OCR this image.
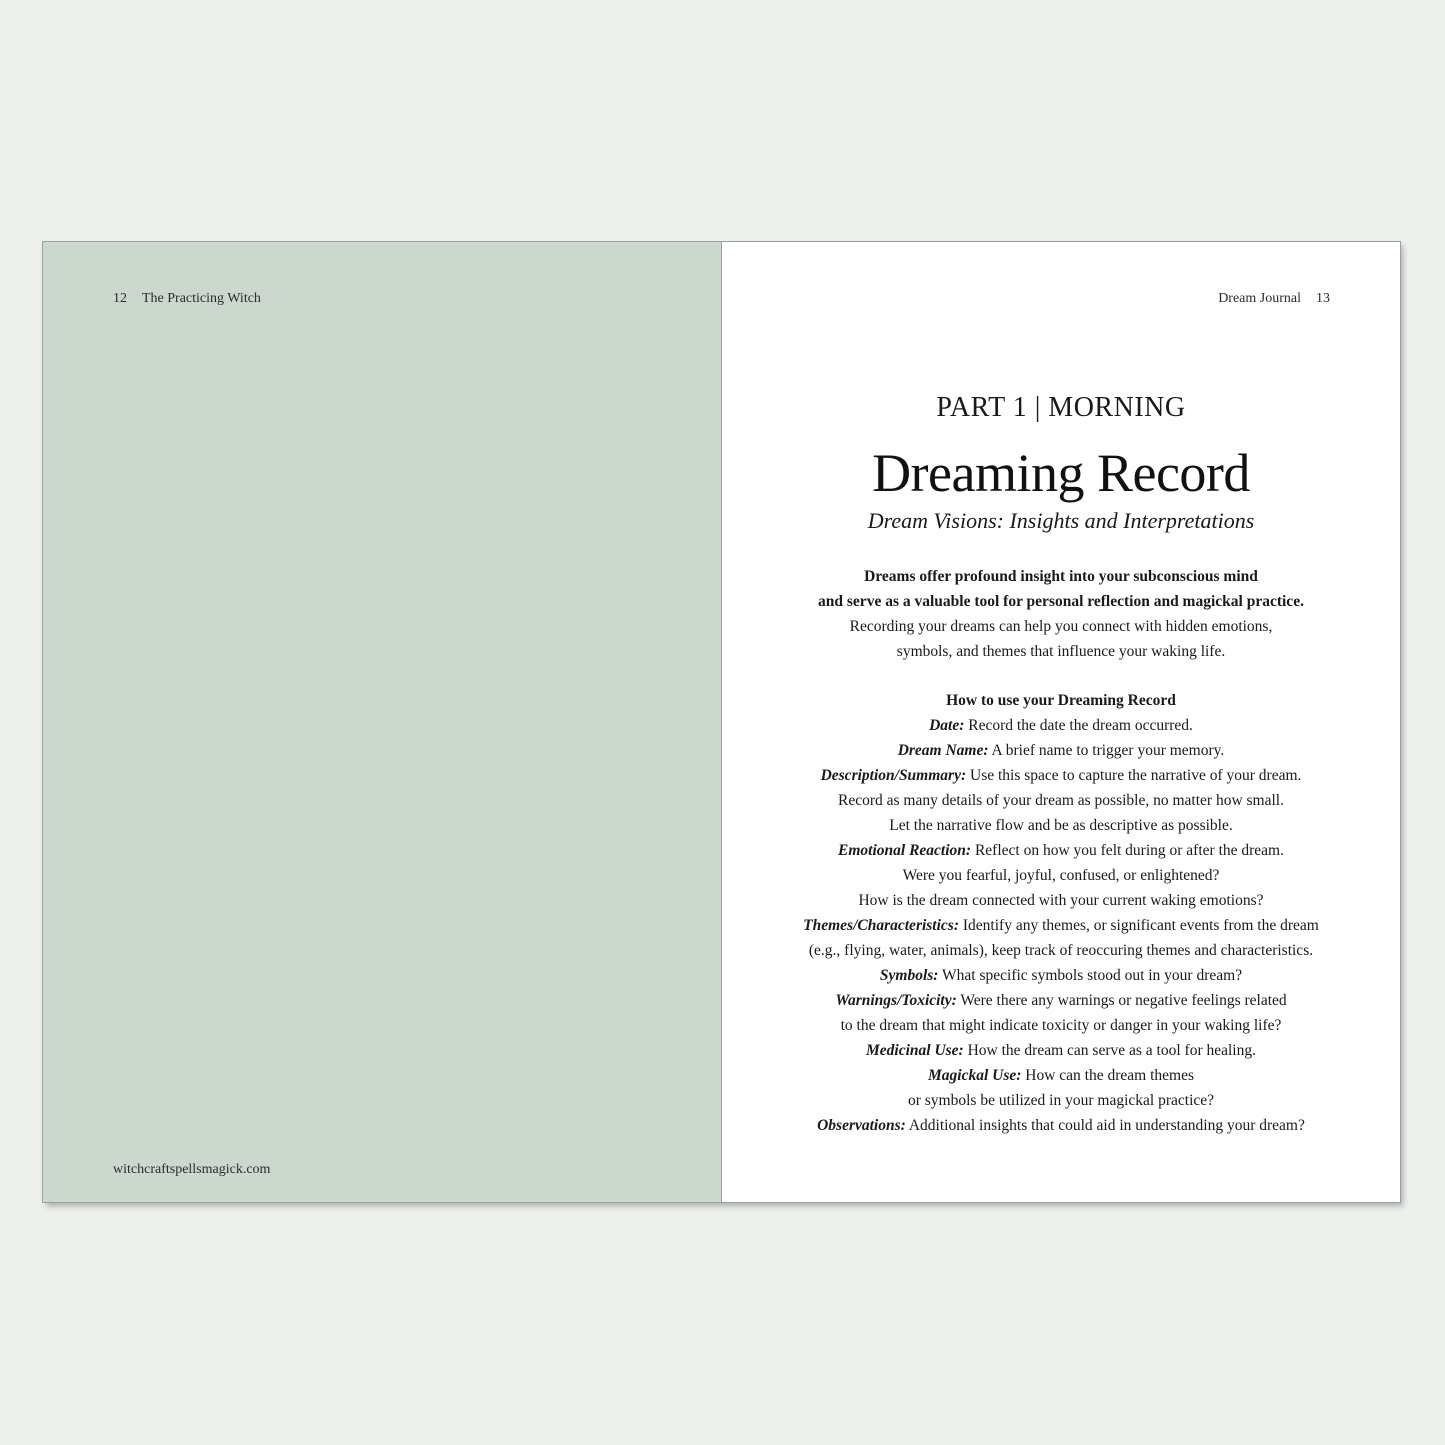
12 The Practicing Witch
witchcraftspellsmagick.com
Dream Journal 13
PART 1 | MORNING
Dreaming Record
Dream Visions: Insights and Interpretations
Dreams offer profound insight into your subconscious mind
and serve as a valuable tool for personal reflection and magickal practice.
Recording your dreams can help you connect with hidden emotions,
symbols, and themes that influence your waking life.
How to use your Dreaming Record
Date: Record the date the dream occurred.
Dream Name: A brief name to trigger your memory.
Description/Summary: Use this space to capture the narrative of your dream.
Record as many details of your dream as possible, no matter how small.
Let the narrative flow and be as descriptive as possible.
Emotional Reaction: Reflect on how you felt during or after the dream.
Were you fearful, joyful, confused, or enlightened?
How is the dream connected with your current waking emotions?
Themes/Characteristics: Identify any themes, or significant events from the dream
(e.g., flying, water, animals), keep track of reoccuring themes and characteristics.
Symbols: What specific symbols stood out in your dream?
Warnings/Toxicity: Were there any warnings or negative feelings related
to the dream that might indicate toxicity or danger in your waking life?
Medicinal Use: How the dream can serve as a tool for healing.
Magickal Use: How can the dream themes
or symbols be utilized in your magickal practice?
Observations: Additional insights that could aid in understanding your dream?
